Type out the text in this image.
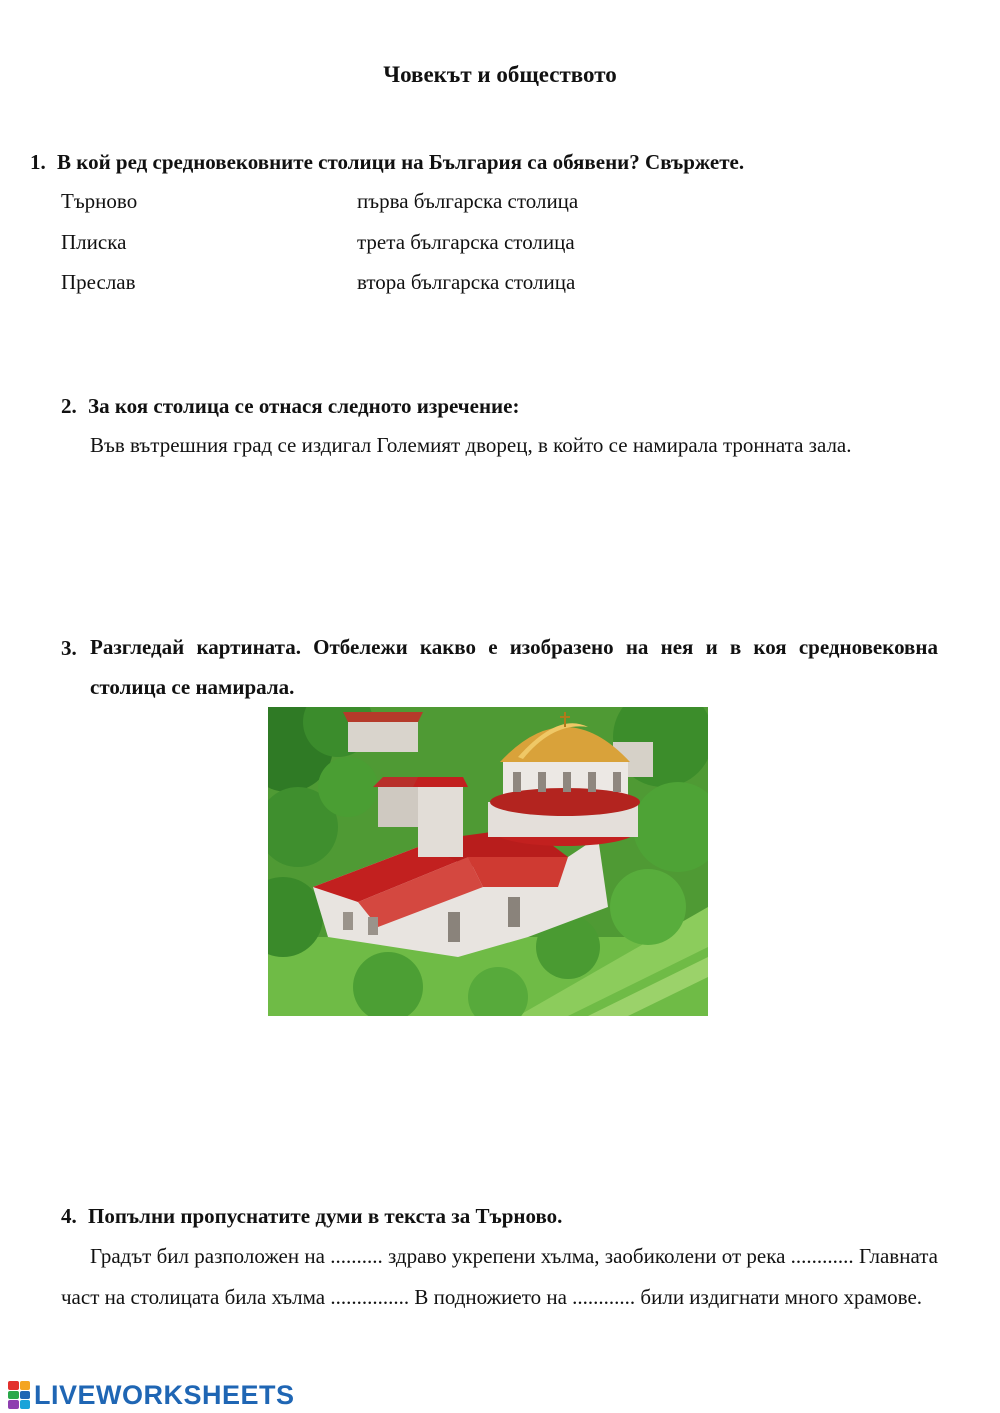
Човекът и обществото
1. В кой ред средновековните столици на България са обявени? Свържете.
Търново
Плиска
Преслав
първа българска столица
трета българска столица
втора българска столица
2. За коя столица се отнася следното изречение:
Във вътрешния град се издигал Големият дворец, в който се намирала тронната зала.
3. Разгледай картината. Отбележи какво е изобразено на нея и в коя средновековна столица се намирала.
4. Попълни пропуснатите думи в текста за Търново.
Градът бил разположен на .......... здраво укрепени хълма, заобиколени от река ............ Главната част на столицата била хълма ............... В подножието на ............ били издигнати много храмове.
LIVEWORKSHEETS
